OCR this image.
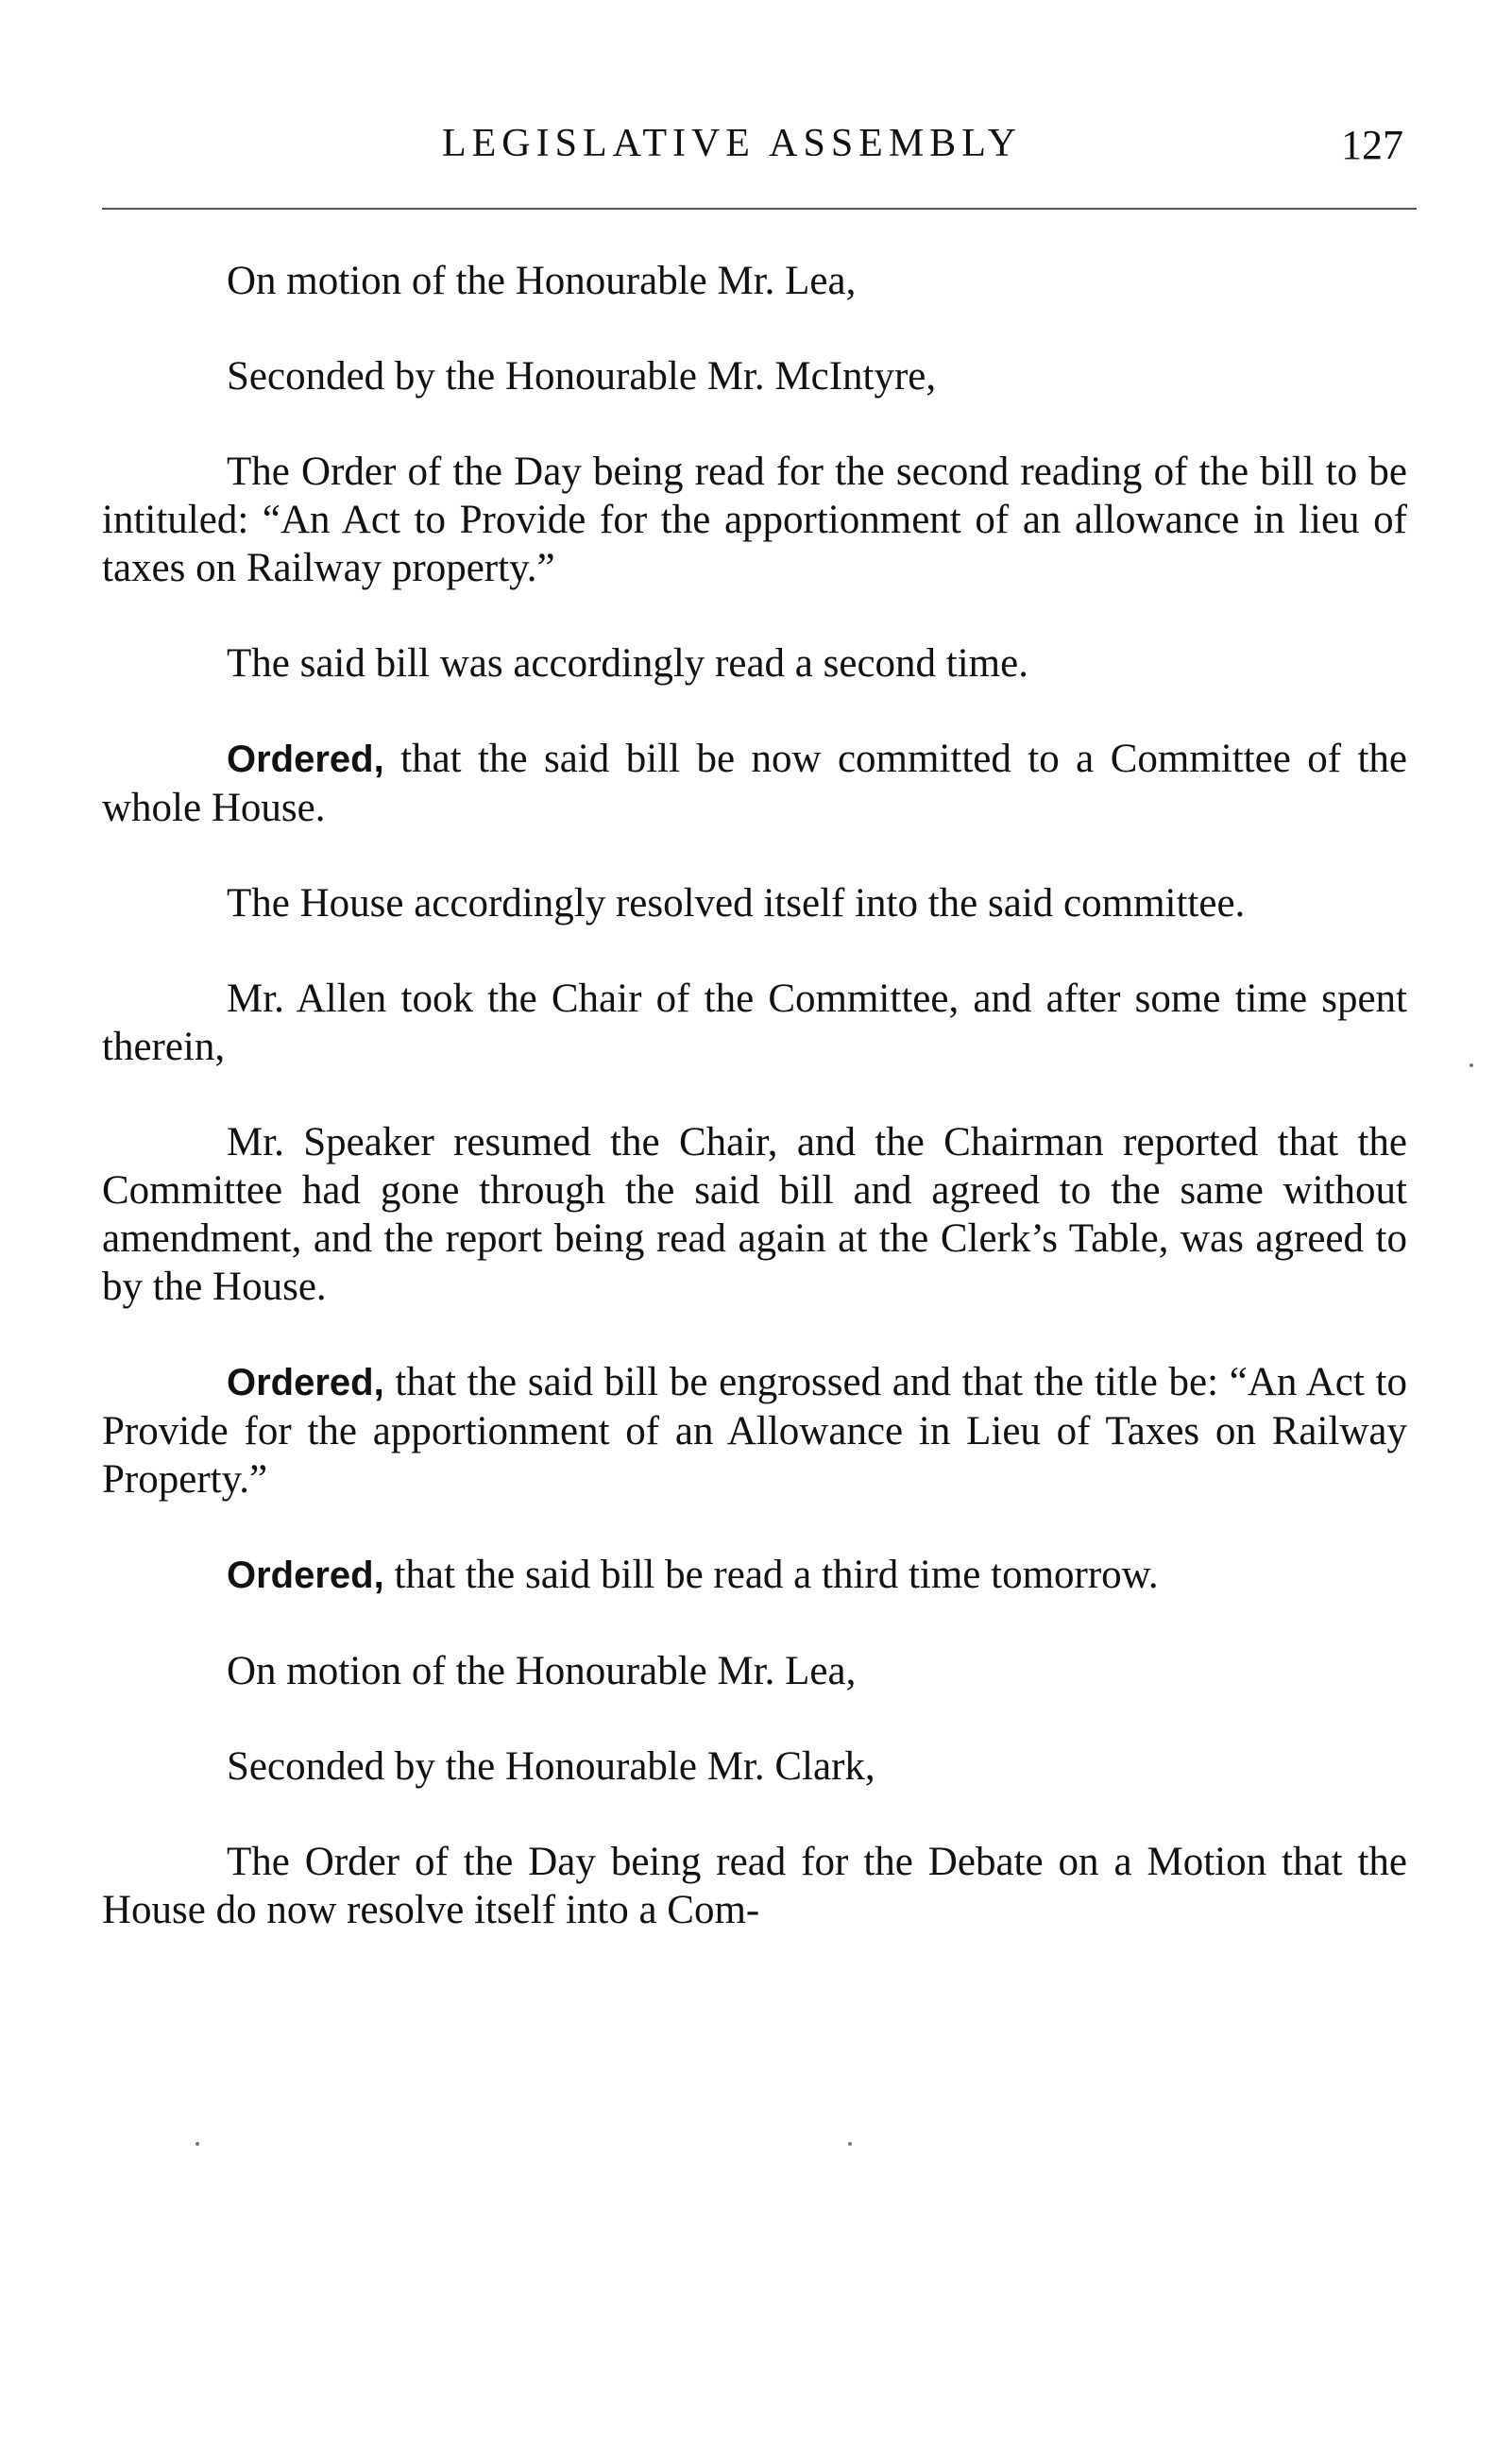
LEGISLATIVE ASSEMBLY	127

On motion of the Honourable Mr. Lea,

Seconded by the Honourable Mr. McIntyre,

The Order of the Day being read for the second reading of the bill to be intituled: “An Act to Provide for the apportionment of an allowance in lieu of taxes on Railway property.”

The said bill was accordingly read a second time.

Ordered, that the said bill be now committed to a Committee of the whole House.

The House accordingly resolved itself into the said committee.

Mr. Allen took the Chair of the Committee, and after some time spent therein,

Mr. Speaker resumed the Chair, and the Chairman reported that the Committee had gone through the said bill and agreed to the same without amendment, and the report being read again at the Clerk’s Table, was agreed to by the House.

Ordered, that the said bill be engrossed and that the title be: “An Act to Provide for the apportionment of an Allowance in Lieu of Taxes on Railway Property.”

Ordered, that the said bill be read a third time tomorrow.

On motion of the Honourable Mr. Lea,

Seconded by the Honourable Mr. Clark,

The Order of the Day being read for the Debate on a Motion that the House do now resolve itself into a Com-
